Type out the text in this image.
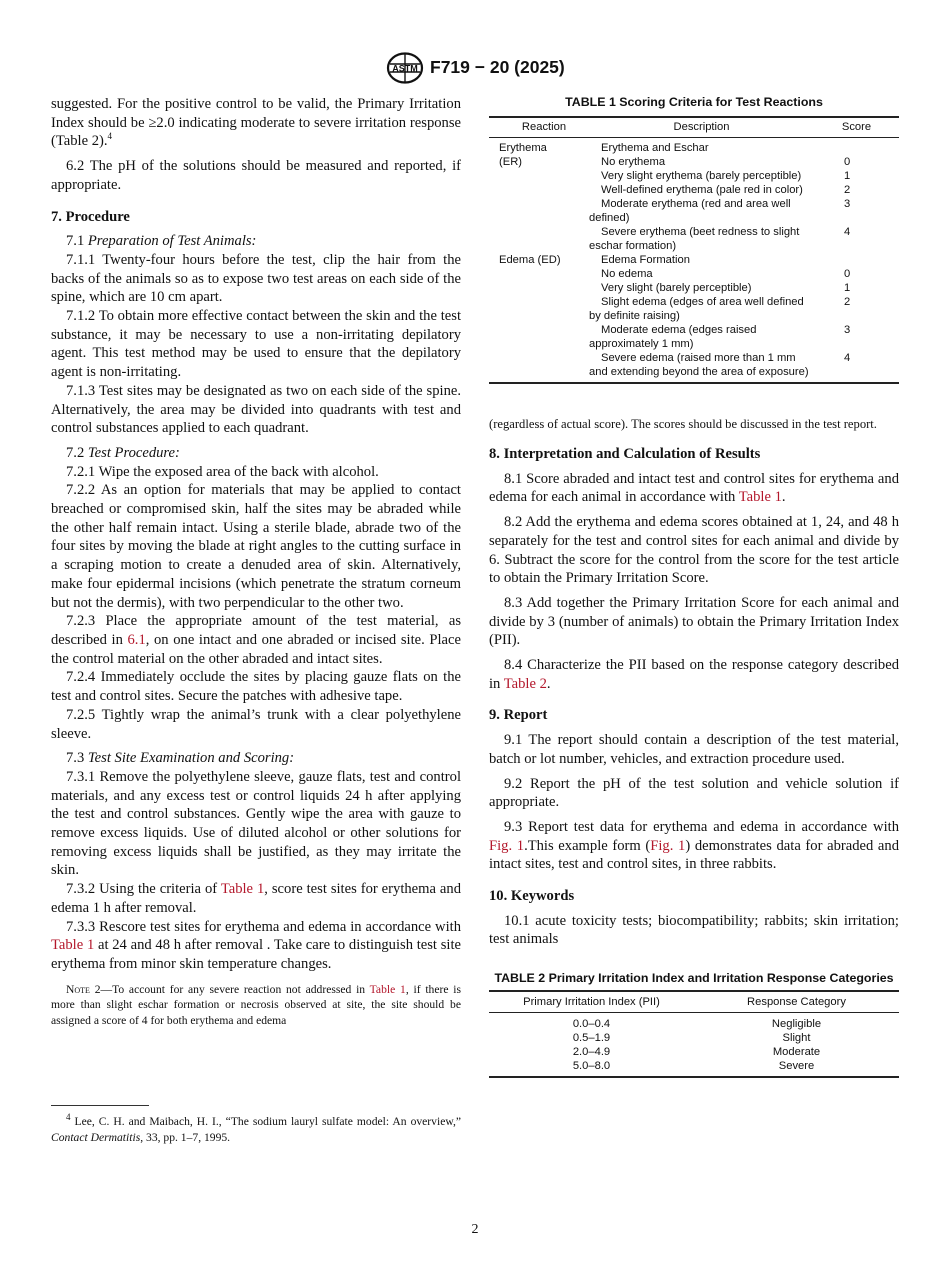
ASTM F719 − 20 (2025)

suggested. For the positive control to be valid, the Primary Irritation Index should be ≥2.0 indicating moderate to severe irritation response (Table 2).$^4$

6.2 The pH of the solutions should be measured and reported, if appropriate.

7. Procedure

7.1 Preparation of Test Animals:

7.1.1 Twenty-four hours before the test, clip the hair from the backs of the animals so as to expose two test areas on each side of the spine, which are 10 cm apart.

7.1.2 To obtain more effective contact between the skin and the test substance, it may be necessary to use a non-irritating depilatory agent. This test method may be used to ensure that the depilatory agent is non-irritating.

7.1.3 Test sites may be designated as two on each side of the spine. Alternatively, the area may be divided into quadrants with test and control substances applied to each quadrant.

7.2 Test Procedure:

7.2.1 Wipe the exposed area of the back with alcohol.

7.2.2 As an option for materials that may be applied to contact breached or compromised skin, half the sites may be abraded while the other half remain intact. Using a sterile blade, abrade two of the four sites by moving the blade at right angles to the cutting surface in a scraping motion to create a denuded area of skin. Alternatively, make four epidermal incisions (which penetrate the stratum corneum but not the dermis), with two perpendicular to the other two.

7.2.3 Place the appropriate amount of the test material, as described in 6.1, on one intact and one abraded or incised site. Place the control material on the other abraded and intact sites.

7.2.4 Immediately occlude the sites by placing gauze flats on the test and control sites. Secure the patches with adhesive tape.

7.2.5 Tightly wrap the animal’s trunk with a clear polyethylene sleeve.

7.3 Test Site Examination and Scoring:

7.3.1 Remove the polyethylene sleeve, gauze flats, test and control materials, and any excess test or control liquids 24 h after applying the test and control substances. Gently wipe the area with gauze to remove excess liquids. Use of diluted alcohol or other solutions for removing excess liquids shall be justified, as they may irritate the skin.

7.3.2 Using the criteria of Table 1, score test sites for erythema and edema 1 h after removal.

7.3.3 Rescore test sites for erythema and edema in accordance with Table 1 at 24 and 48 h after removal . Take care to distinguish test site erythema from minor skin temperature changes.

Note 2—To account for any severe reaction not addressed in Table 1, if there is more than slight eschar formation or necrosis observed at site, the site should be assigned a score of 4 for both erythema and edema
$^4$ Lee, C. H. and Maibach, H. I., “The sodium lauryl sulfate model: An overview,” Contact Dermatitis, 33, pp. 1–7, 1995.
TABLE 1 Scoring Criteria for Test Reactions
Reaction	Description	Score
Erythema	Erythema and Eschar	
(ER)	No erythema	0
	Very slight erythema (barely perceptible)	1
	Well-defined erythema (pale red in color)	2
	Moderate erythema (red and area well defined)	3
	Severe erythema (beet redness to slight eschar formation)	4
Edema (ED)	Edema Formation	
	No edema	0
	Very slight (barely perceptible)	1
	Slight edema (edges of area well defined by definite raising)	2
	Moderate edema (edges raised approximately 1 mm)	3
	Severe edema (raised more than 1 mm and extending beyond the area of exposure)	4

(regardless of actual score). The scores should be discussed in the test report.

8. Interpretation and Calculation of Results

8.1 Score abraded and intact test and control sites for erythema and edema for each animal in accordance with Table 1.

8.2 Add the erythema and edema scores obtained at 1, 24, and 48 h separately for the test and control sites for each animal and divide by 6. Subtract the score for the control from the score for the test article to obtain the Primary Irritation Score.

8.3 Add together the Primary Irritation Score for each animal and divide by 3 (number of animals) to obtain the Primary Irritation Index (PII).

8.4 Characterize the PII based on the response category described in Table 2.

9. Report

9.1 The report should contain a description of the test material, batch or lot number, vehicles, and extraction procedure used.

9.2 Report the pH of the test solution and vehicle solution if appropriate.

9.3 Report test data for erythema and edema in accordance with Fig. 1.This example form (Fig. 1) demonstrates data for abraded and intact sites, test and control sites, in three rabbits.

10. Keywords

10.1 acute toxicity tests; biocompatibility; rabbits; skin irritation; test animals

TABLE 2 Primary Irritation Index and Irritation Response Categories
Primary Irritation Index (PII)	Response Category
0.0–0.4	Negligible
0.5–1.9	Slight
2.0–4.9	Moderate
5.0–8.0	Severe
2
